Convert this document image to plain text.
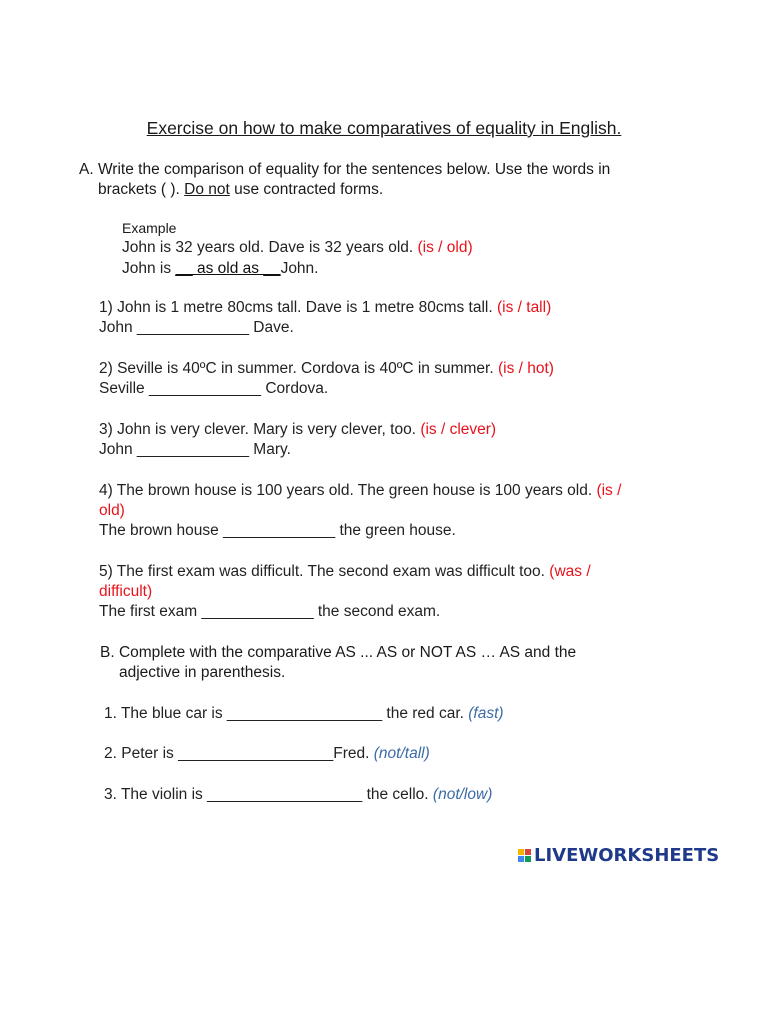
Exercise on how to make comparatives of equality in English.
A. Write the comparison of equality for the sentences below. Use the words in
brackets ( ). Do not use contracted forms.
Example
John is 32 years old. Dave is 32 years old. (is / old)
John is __ as old as __John.
1) John is 1 metre 80cms tall. Dave is 1 metre 80cms tall. (is / tall)
John _____________ Dave.
2) Seville is 40ºC in summer. Cordova is 40ºC in summer. (is / hot)
Seville _____________ Cordova.
3) John is very clever. Mary is very clever, too. (is / clever)
John _____________ Mary.
4) The brown house is 100 years old. The green house is 100 years old. (is /
old)
The brown house _____________ the green house.
5) The first exam was difficult. The second exam was difficult too. (was /
difficult)
The first exam _____________ the second exam.
B. Complete with the comparative AS ... AS or NOT AS … AS and the
adjective in parenthesis.
1. The blue car is __________________ the red car. (fast)
2. Peter is __________________Fred. (not/tall)
3. The violin is __________________ the cello. (not/low)
LIVEWORKSHEETS
